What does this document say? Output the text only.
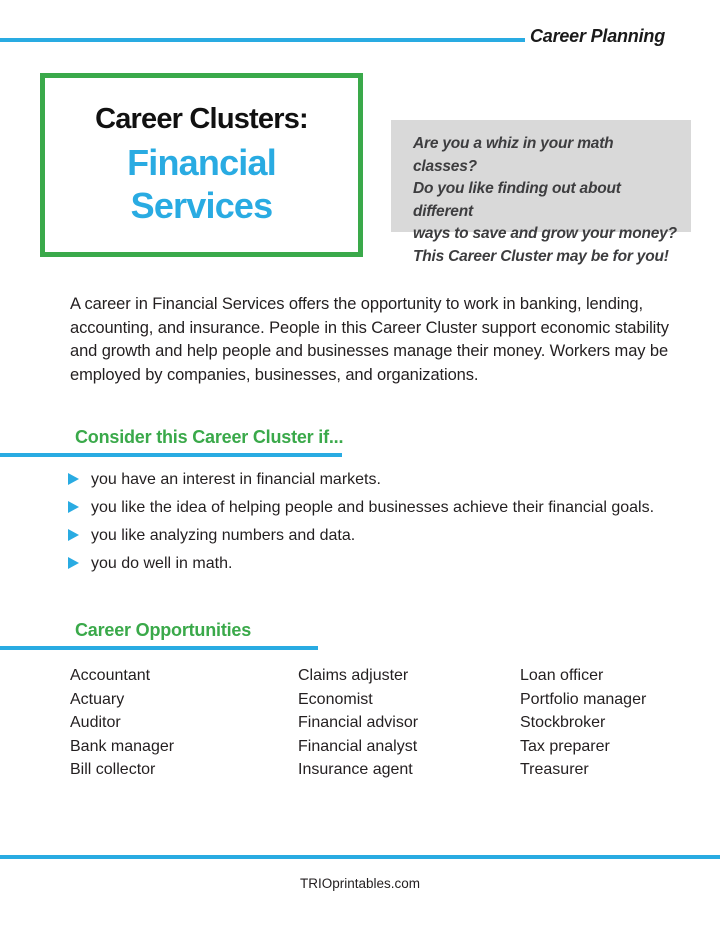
Career Planning
Career Clusters:
Financial
Services
Are you a whiz in your math classes?
Do you like finding out about different
ways to save and grow your money?
This Career Cluster may be for you!
A career in Financial Services offers the opportunity to work in banking, lending, accounting, and insurance. People in this Career Cluster support economic stability and growth and help people and businesses manage their money. Workers may be employed by companies, businesses, and organizations.
Consider this Career Cluster if...
you have an interest in financial markets.
you like the idea of helping people and businesses achieve their financial goals.
you like analyzing numbers and data.
you do well in math.
Career Opportunities
Accountant
Actuary
Auditor
Bank manager
Bill collector
Claims adjuster
Economist
Financial advisor
Financial analyst
Insurance agent
Loan officer
Portfolio manager
Stockbroker
Tax preparer
Treasurer
TRIOprintables.com
